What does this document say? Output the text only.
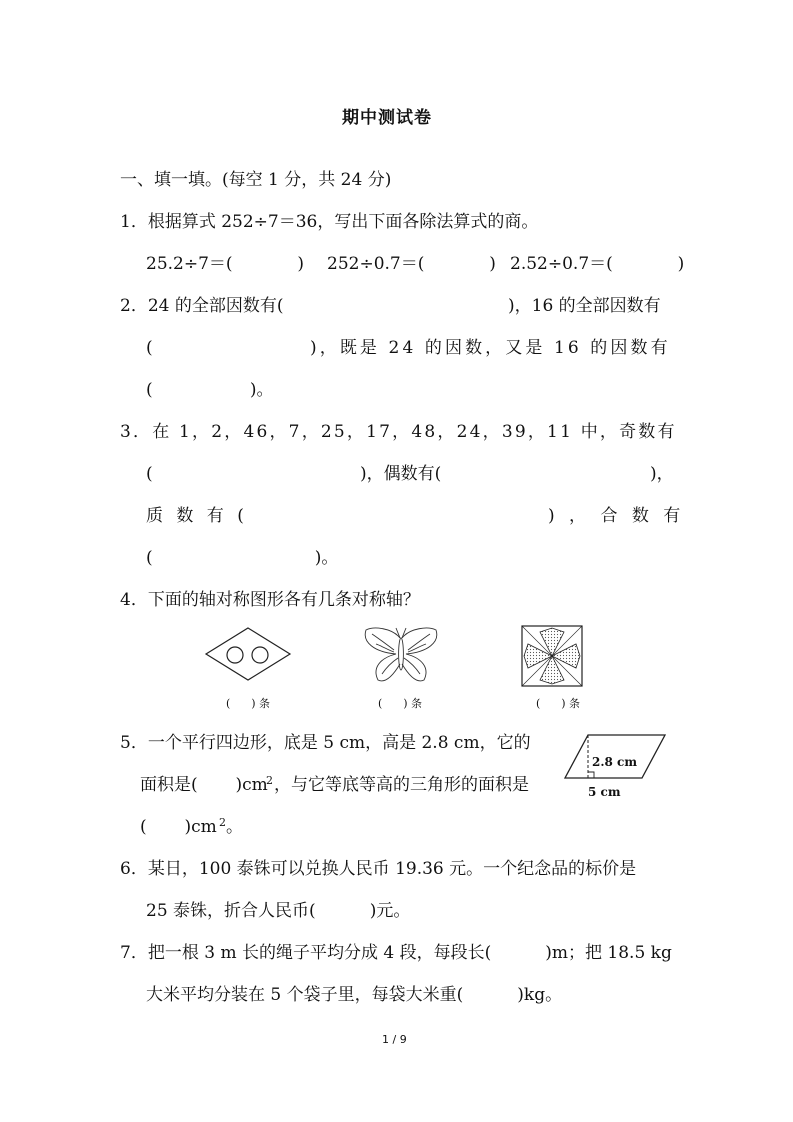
期中测试卷
一、填一填。(每空 1 分，共 24 分)
1．根据算式 252÷7＝36，写出下面各除法算式的商。
25.2÷7＝(            ) 252÷0.7＝(            ) 2.52÷0.7＝(            )
2．24 的全部因数有(	)，16 的全部因数有
(	)，既是 24 的因数，又是 16 的因数有
(                  )。
3．在 1，2，46，7，25，17，48，24，39，11 中，奇数有
(	)，偶数有(	)，
质 数 有 (	) ， 合 数 有
(                              )。
4．下面的轴对称图形各有几条对称轴？
(      ) 条	(      ) 条	(      ) 条
5．一个平行四边形，底是 5 cm，高是 2.8 cm，它的
面积是(       )cm
2 ，与它等底等高的三角形的面积是
(       )cm 2 。
2.8 cm
5 cm
6．某日，100 泰铢可以兑换人民币 19.36 元。一个纪念品的标价是
25 泰铢，折合人民币(          )元。
7．把一根 3 m 长的绳子平均分成 4 段，每段长(          )m；把 18.5 kg
大米平均分装在 5 个袋子里，每袋大米重(          )kg。
1 / 9
